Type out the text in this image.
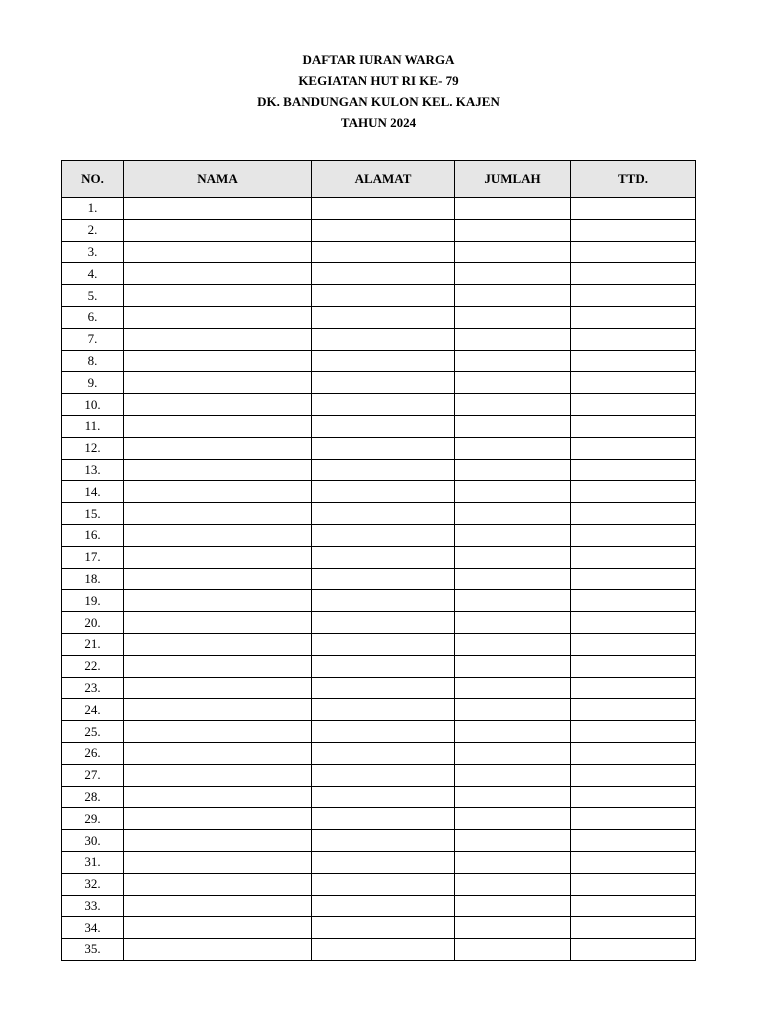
DAFTAR IURAN WARGA
KEGIATAN HUT RI KE- 79
DK. BANDUNGAN KULON KEL. KAJEN
TAHUN 2024
NO.	NAMA	ALAMAT	JUMLAH	TTD.
1.				
2.				
3.				
4.				
5.				
6.				
7.				
8.				
9.				
10.				
11.				
12.				
13.				
14.				
15.				
16.				
17.				
18.				
19.				
20.				
21.				
22.				
23.				
24.				
25.				
26.				
27.				
28.				
29.				
30.				
31.				
32.				
33.				
34.				
35.				
